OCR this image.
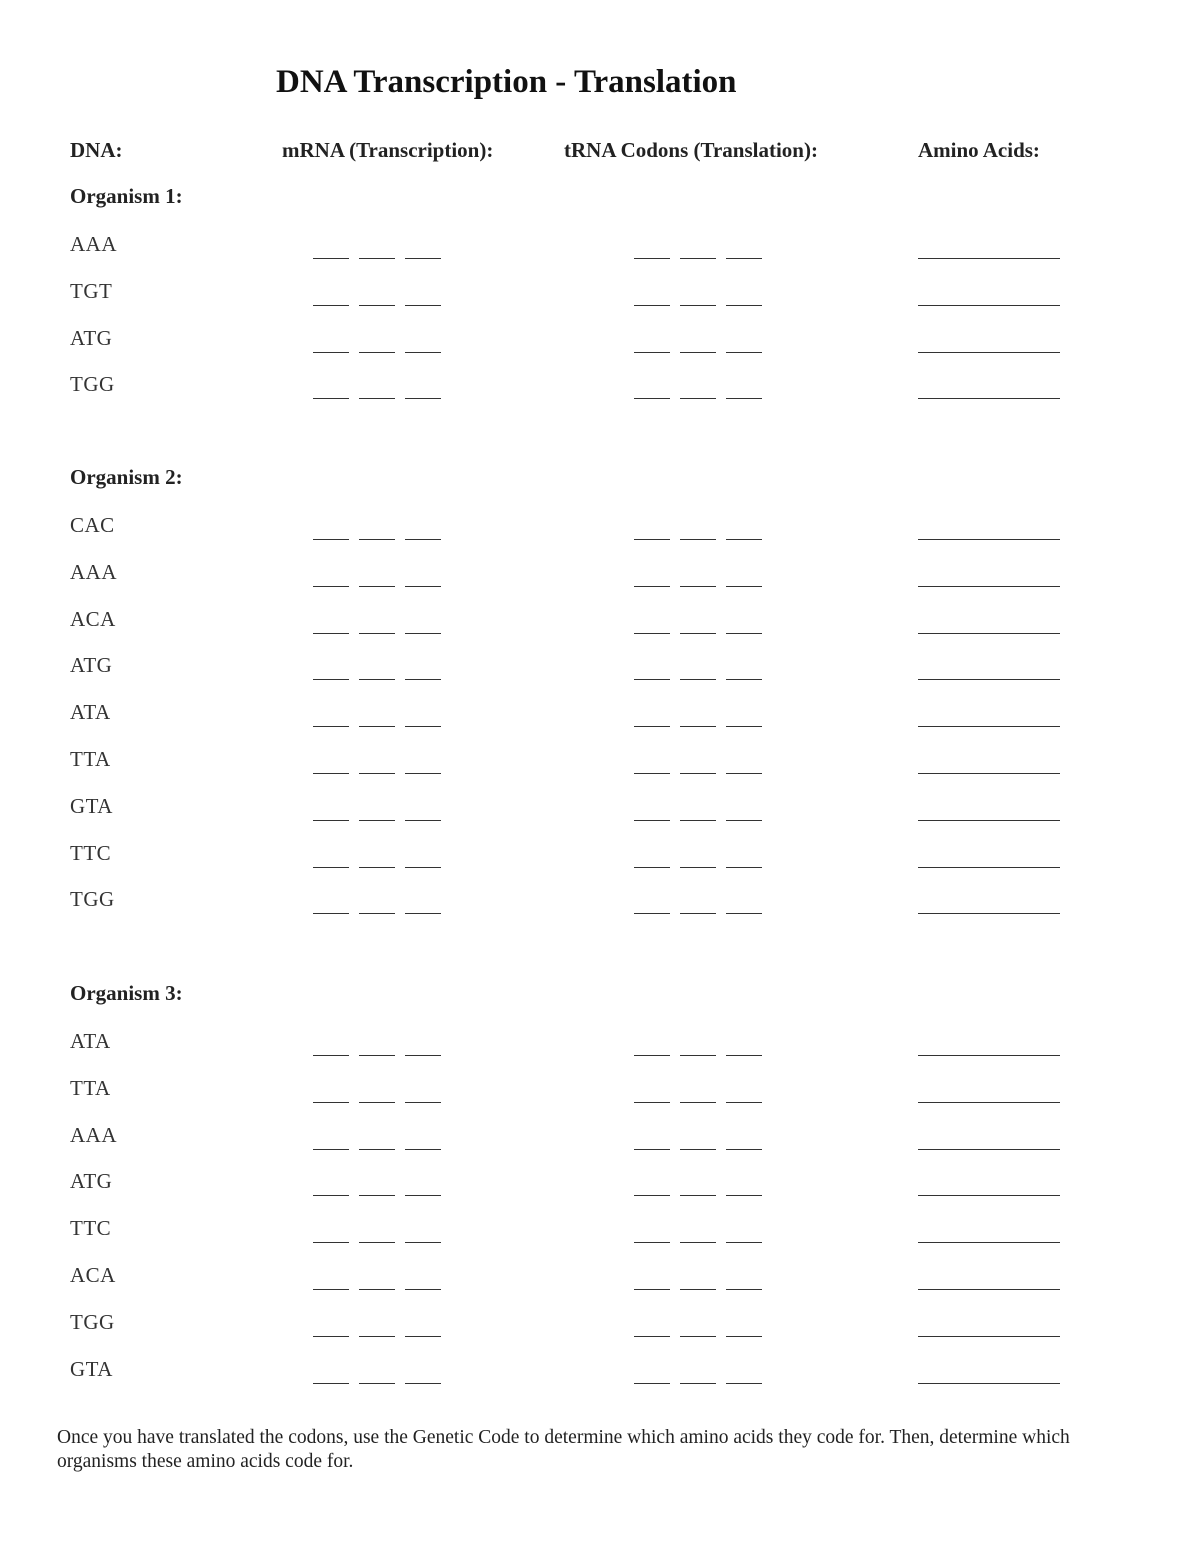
DNA Transcription - Translation
DNA:	mRNA (Transcription):	tRNA Codons (Translation):	Amino Acids:
Organism 1:
AAA
TGT
ATG
TGG
Organism 2:
CAC
AAA
ACA
ATG
ATA
TTA
GTA
TTC
TGG
Organism 3:
ATA
TTA
AAA
ATG
TTC
ACA
TGG
GTA
Once you have translated the codons, use the Genetic Code to determine which amino acids they code for. Then, determine which organisms these amino acids code for.
